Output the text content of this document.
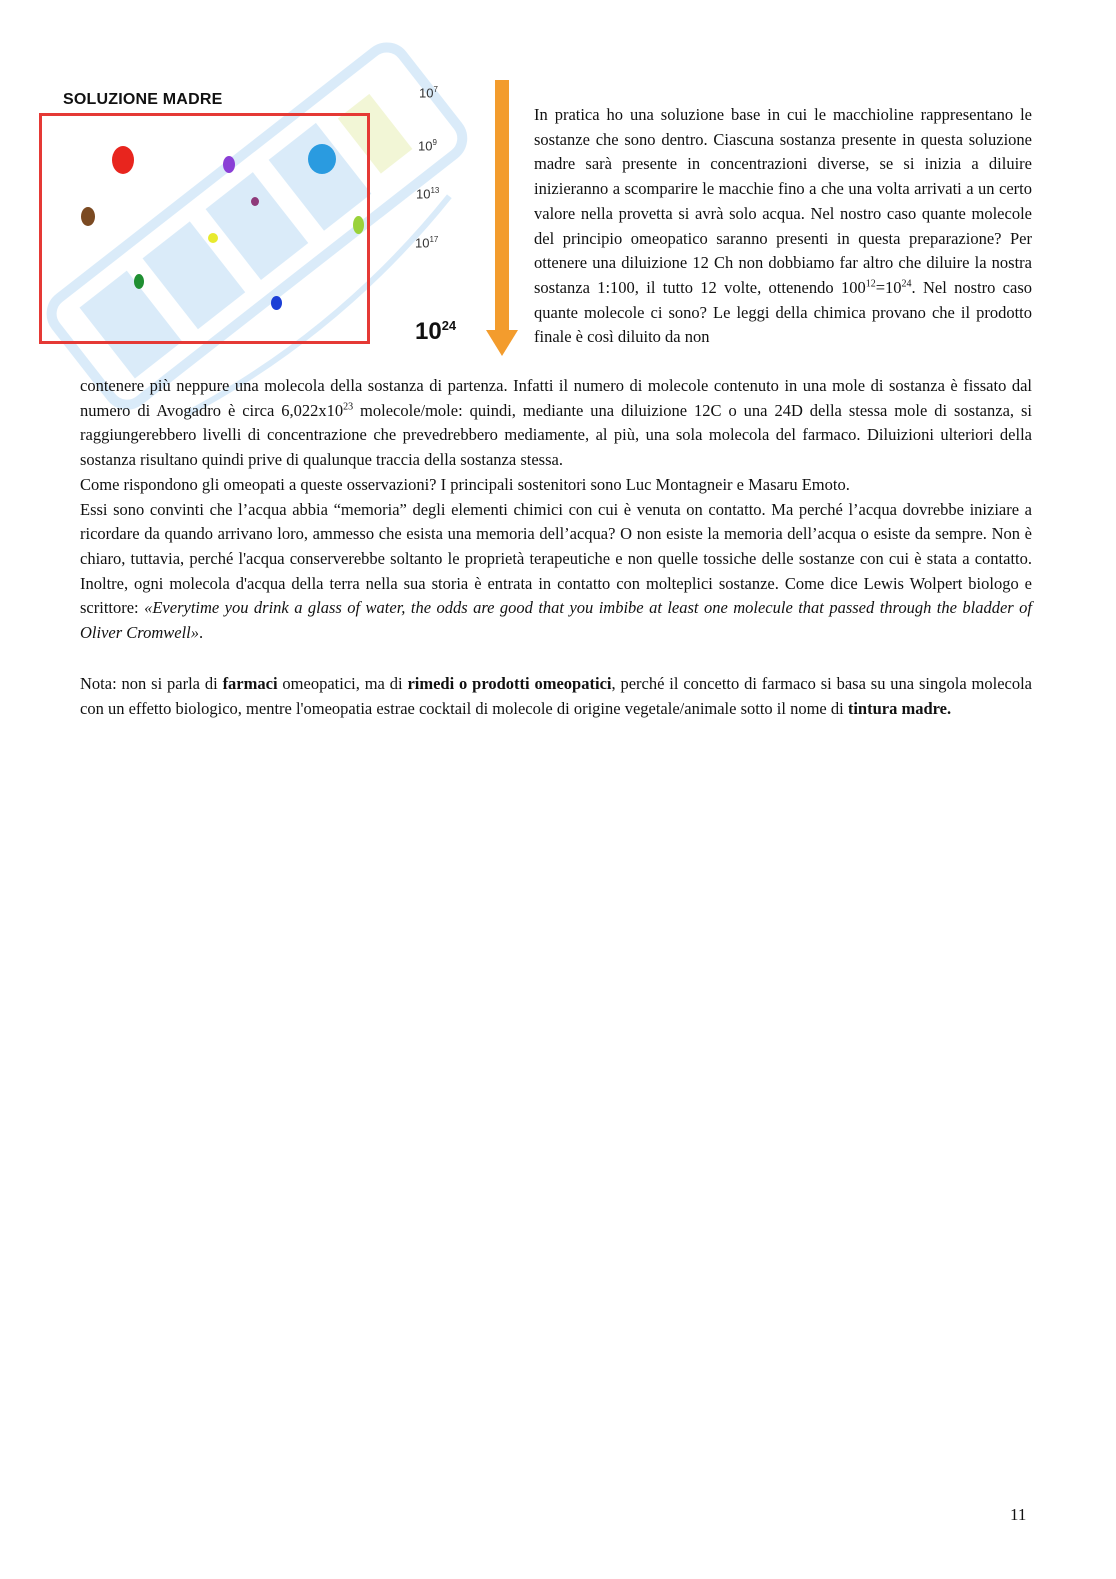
SOLUZIONE MADRE	$10^7$
$10^9$
$10^{13}$
$10^{17}$
$10^{24}$

In pratica ho una soluzione base in cui le macchioline rappresentano le sostanze che sono dentro. Ciascuna sostanza presente in questa soluzione madre sarà presente in concentrazioni diverse, se si inizia a diluire inizieranno a scomparire le macchie fino a che una volta arrivati a un certo valore nella provetta si avrà solo acqua. Nel nostro caso quante molecole del principio omeopatico saranno presenti in questa preparazione? Per ottenere una diluizione 12 Ch non dobbiamo far altro che diluire la nostra sostanza 1:100, il tutto 12 volte, ottenendo $100^{12}=10^{24}$. Nel nostro caso quante molecole ci sono? Le leggi della chimica provano che il prodotto finale è così diluito da non

contenere più neppure una molecola della sostanza di partenza. Infatti il numero di molecole contenuto in una mole di sostanza è fissato dal numero di Avogadro è circa $6,022x10^{23}$ molecole/mole: quindi, mediante una diluizione 12C o una 24D della stessa mole di sostanza, si raggiungerebbero livelli di concentrazione che prevedrebbero mediamente, al più, una sola molecola del farmaco. Diluizioni ulteriori della sostanza risultano quindi prive di qualunque traccia della sostanza stessa.

Come rispondono gli omeopati a queste osservazioni? I principali sostenitori sono Luc Montagneir e Masaru Emoto.

Essi sono convinti che l’acqua abbia “memoria” degli elementi chimici con cui è venuta on contatto. Ma perché l’acqua dovrebbe iniziare a ricordare da quando arrivano loro, ammesso che esista una memoria dell’acqua? O non esiste la memoria dell’acqua o esiste da sempre. Non è chiaro, tuttavia, perché l'acqua conserverebbe soltanto le proprietà terapeutiche e non quelle tossiche delle sostanze con cui è stata a contatto. Inoltre, ogni molecola d'acqua della terra nella sua storia è entrata in contatto con molteplici sostanze. Come dice Lewis Wolpert biologo e scrittore: «Everytime you drink a glass of water, the odds are good that you imbibe at least one molecule that passed through the bladder of Oliver Cromwell».

Nota: non si parla di farmaci omeopatici, ma di rimedi o prodotti omeopatici, perché il concetto di farmaco si basa su una singola molecola con un effetto biologico, mentre l'omeopatia estrae cocktail di molecole di origine vegetale/animale sotto il nome di tintura madre.

11
